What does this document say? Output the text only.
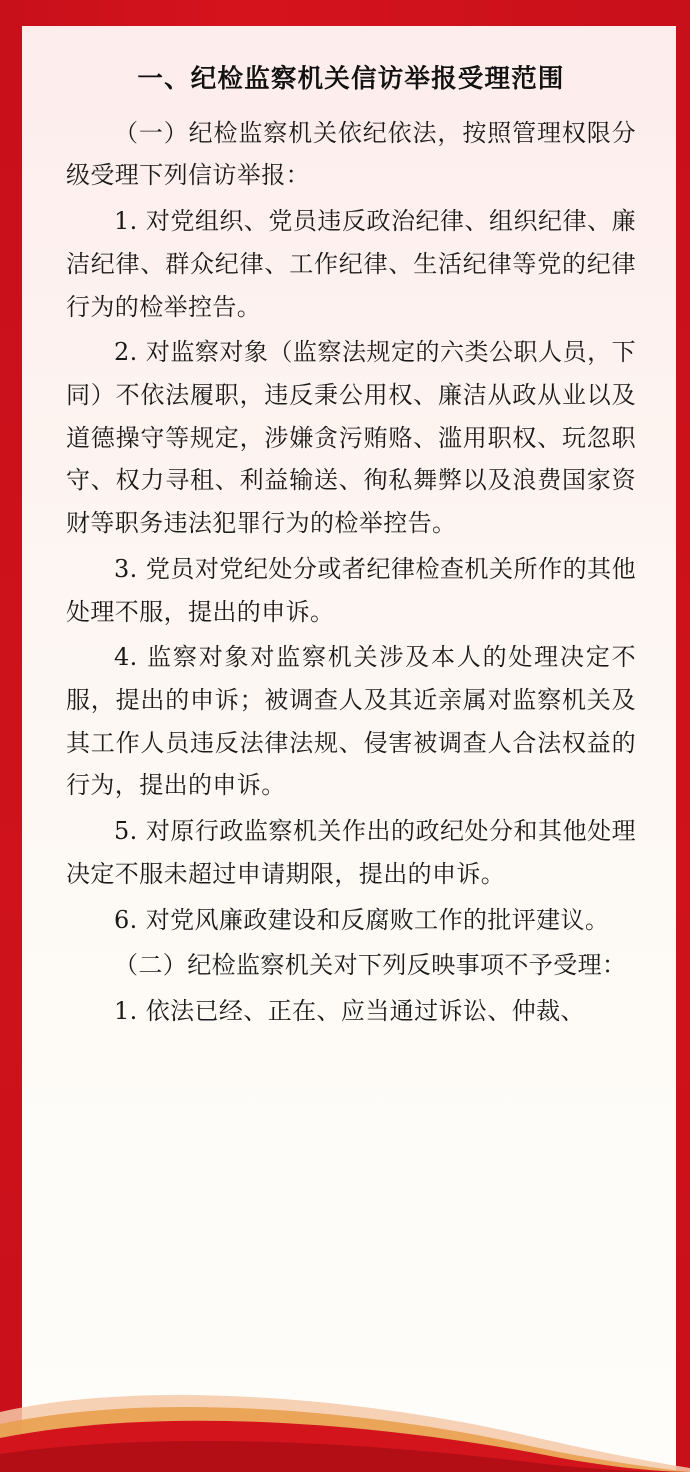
一、纪检监察机关信访举报受理范围

（一）纪检监察机关依纪依法，按照管理权限分级受理下列信访举报：

1. 对党组织、党员违反政治纪律、组织纪律、廉洁纪律、群众纪律、工作纪律、生活纪律等党的纪律行为的检举控告。

2. 对监察对象（监察法规定的六类公职人员，下同）不依法履职，违反秉公用权、廉洁从政从业以及道德操守等规定，涉嫌贪污贿赂、滥用职权、玩忽职守、权力寻租、利益输送、徇私舞弊以及浪费国家资财等职务违法犯罪行为的检举控告。

3. 党员对党纪处分或者纪律检查机关所作的其他处理不服，提出的申诉。

4. 监察对象对监察机关涉及本人的处理决定不服，提出的申诉；被调查人及其近亲属对监察机关及其工作人员违反法律法规、侵害被调查人合法权益的行为，提出的申诉。

5. 对原行政监察机关作出的政纪处分和其他处理决定不服未超过申请期限，提出的申诉。

6. 对党风廉政建设和反腐败工作的批评建议。

（二）纪检监察机关对下列反映事项不予受理：

1. 依法已经、正在、应当通过诉讼、仲裁、
